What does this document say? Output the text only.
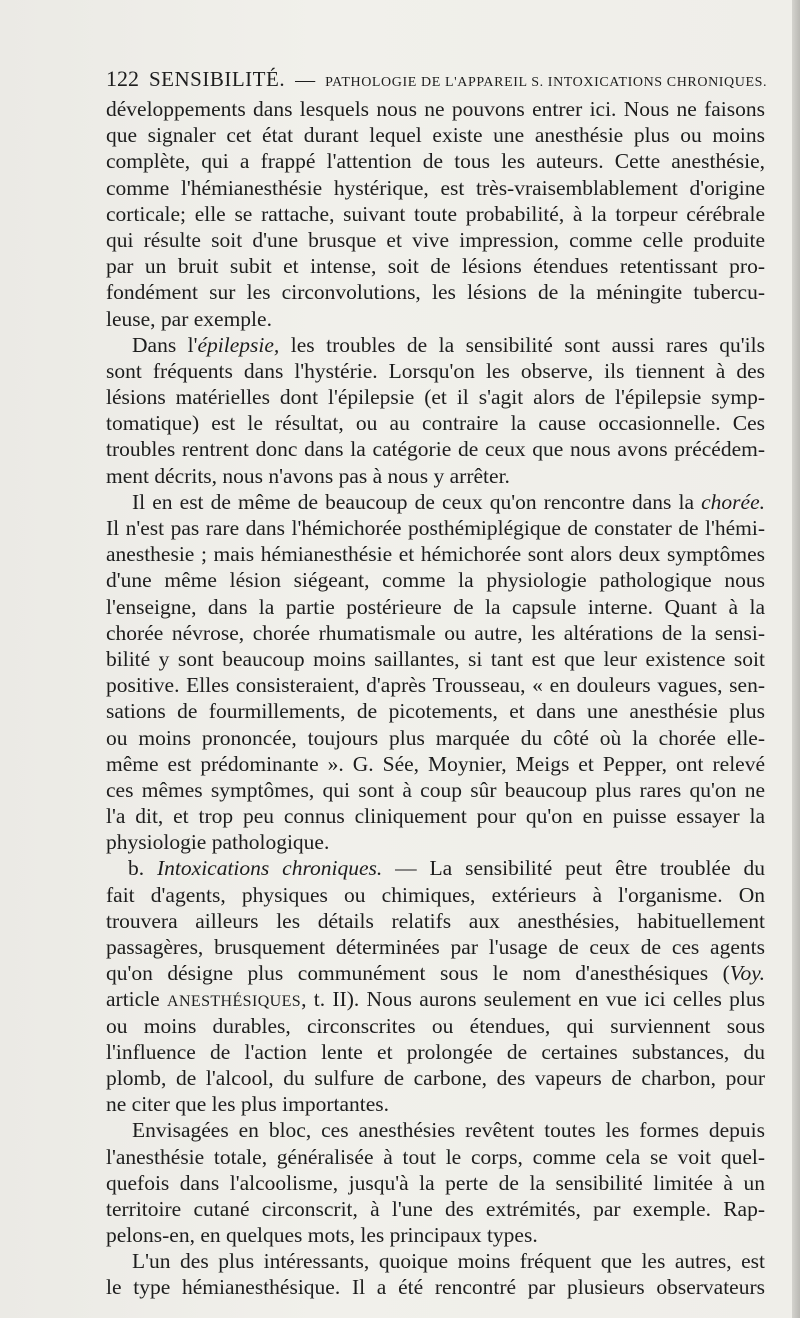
122 SENSIBILITÉ. — PATHOLOGIE DE L'APPAREIL S. INTOXICATIONS CHRONIQUES.
développements dans lesquels nous ne pouvons entrer ici. Nous ne faisons
que signaler cet état durant lequel existe une anesthésie plus ou moins
complète, qui a frappé l'attention de tous les auteurs. Cette anesthésie,
comme l'hémianesthésie hystérique, est très-vraisemblablement d'origine
corticale; elle se rattache, suivant toute probabilité, à la torpeur cérébrale
qui résulte soit d'une brusque et vive impression, comme celle produite
par un bruit subit et intense, soit de lésions étendues retentissant pro-
fondément sur les circonvolutions, les lésions de la méningite tubercu-
leuse, par exemple.
Dans l'épilepsie, les troubles de la sensibilité sont aussi rares qu'ils
sont fréquents dans l'hystérie. Lorsqu'on les observe, ils tiennent à des
lésions matérielles dont l'épilepsie (et il s'agit alors de l'épilepsie symp-
tomatique) est le résultat, ou au contraire la cause occasionnelle. Ces
troubles rentrent donc dans la catégorie de ceux que nous avons précédem-
ment décrits, nous n'avons pas à nous y arrêter.
Il en est de même de beaucoup de ceux qu'on rencontre dans la chorée.
Il n'est pas rare dans l'hémichorée posthémiplégique de constater de l'hémi-
anesthesie ; mais hémianesthésie et hémichorée sont alors deux symptômes
d'une même lésion siégeant, comme la physiologie pathologique nous
l'enseigne, dans la partie postérieure de la capsule interne. Quant à la
chorée névrose, chorée rhumatismale ou autre, les altérations de la sensi-
bilité y sont beaucoup moins saillantes, si tant est que leur existence soit
positive. Elles consisteraient, d'après Trousseau, « en douleurs vagues, sen-
sations de fourmillements, de picotements, et dans une anesthésie plus
ou moins prononcée, toujours plus marquée du côté où la chorée elle-
même est prédominante ». G. Sée, Moynier, Meigs et Pepper, ont relevé
ces mêmes symptômes, qui sont à coup sûr beaucoup plus rares qu'on ne
l'a dit, et trop peu connus cliniquement pour qu'on en puisse essayer la
physiologie pathologique.
b. Intoxications chroniques. — La sensibilité peut être troublée du
fait d'agents, physiques ou chimiques, extérieurs à l'organisme. On
trouvera ailleurs les détails relatifs aux anesthésies, habituellement
passagères, brusquement déterminées par l'usage de ceux de ces agents
qu'on désigne plus communément sous le nom d'anesthésiques (Voy.
article ANESTHÉSIQUES, t. II). Nous aurons seulement en vue ici celles plus
ou moins durables, circonscrites ou étendues, qui surviennent sous
l'influence de l'action lente et prolongée de certaines substances, du
plomb, de l'alcool, du sulfure de carbone, des vapeurs de charbon, pour
ne citer que les plus importantes.
Envisagées en bloc, ces anesthésies revêtent toutes les formes depuis
l'anesthésie totale, généralisée à tout le corps, comme cela se voit quel-
quefois dans l'alcoolisme, jusqu'à la perte de la sensibilité limitée à un
territoire cutané circonscrit, à l'une des extrémités, par exemple. Rap-
pelons-en, en quelques mots, les principaux types.
L'un des plus intéressants, quoique moins fréquent que les autres, est
le type hémianesthésique. Il a été rencontré par plusieurs observateurs
